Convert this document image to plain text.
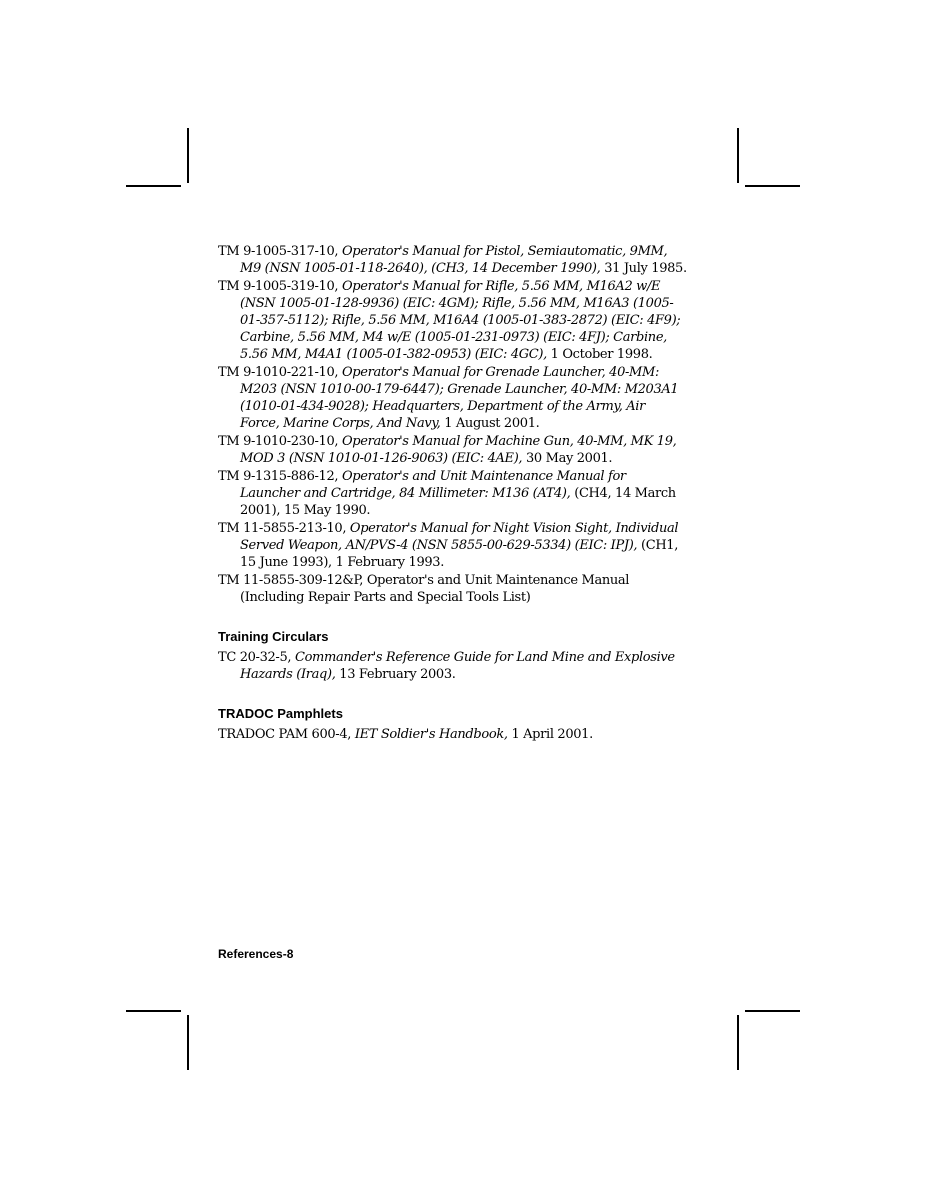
TM 9-1005-317-10, Operator's Manual for Pistol, Semiautomatic, 9MM, M9 (NSN 1005-01-118-2640), (CH3, 14 December 1990), 31 July 1985.
TM 9-1005-319-10, Operator's Manual for Rifle, 5.56 MM, M16A2 w/E (NSN 1005-01-128-9936) (EIC: 4GM); Rifle, 5.56 MM, M16A3 (1005-01-357-5112); Rifle, 5.56 MM, M16A4 (1005-01-383-2872) (EIC: 4F9); Carbine, 5.56 MM, M4 w/E (1005-01-231-0973) (EIC: 4FJ); Carbine, 5.56 MM, M4A1 (1005-01-382-0953) (EIC: 4GC), 1 October 1998.
TM 9-1010-221-10, Operator's Manual for Grenade Launcher, 40-MM: M203 (NSN 1010-00-179-6447); Grenade Launcher, 40-MM: M203A1 (1010-01-434-9028); Headquarters, Department of the Army, Air Force, Marine Corps, And Navy, 1 August 2001.
TM 9-1010-230-10, Operator's Manual for Machine Gun, 40-MM, MK 19, MOD 3 (NSN 1010-01-126-9063) (EIC: 4AE), 30 May 2001.
TM 9-1315-886-12, Operator's and Unit Maintenance Manual for Launcher and Cartridge, 84 Millimeter: M136 (AT4), (CH4, 14 March 2001), 15 May 1990.
TM 11-5855-213-10, Operator's Manual for Night Vision Sight, Individual Served Weapon, AN/PVS-4 (NSN 5855-00-629-5334) (EIC: IPJ), (CH1, 15 June 1993), 1 February 1993.
TM 11-5855-309-12&P, Operator's and Unit Maintenance Manual (Including Repair Parts and Special Tools List)
Training Circulars
TC 20-32-5, Commander's Reference Guide for Land Mine and Explosive Hazards (Iraq), 13 February 2003.
TRADOC Pamphlets
TRADOC PAM 600-4, IET Soldier's Handbook, 1 April 2001.
References-8
